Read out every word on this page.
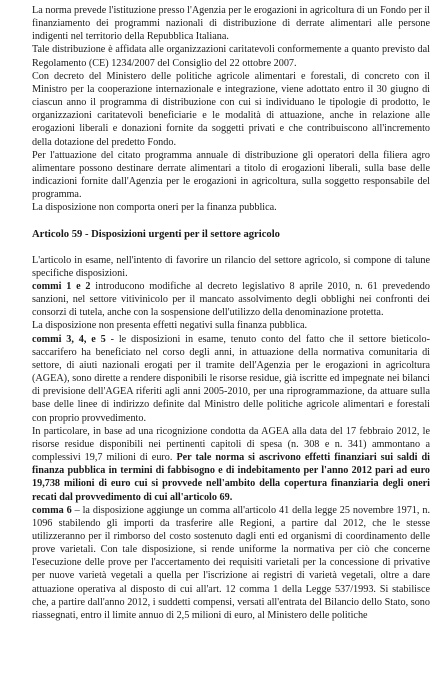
La norma prevede l'istituzione presso l'Agenzia per le erogazioni in agricoltura di un Fondo per il finanziamento dei programmi nazionali di distribuzione di derrate alimentari alle persone indigenti nel territorio della Repubblica Italiana.

Tale distribuzione è affidata alle organizzazioni caritatevoli conformemente a quanto previsto dal Regolamento (CE) 1234/2007 del Consiglio del 22 ottobre 2007.

Con decreto del Ministero delle politiche agricole alimentari e forestali, di concreto con il Ministro per la cooperazione internazionale e integrazione, viene adottato entro il 30 giugno di ciascun anno il programma di distribuzione con cui si individuano le tipologie di prodotto, le organizzazioni caritatevoli beneficiarie e le modalità di attuazione, anche in relazione alle erogazioni liberali e donazioni fornite da soggetti privati e che contribuiscono all'incremento della dotazione del predetto Fondo.

Per l'attuazione del citato programma annuale di distribuzione gli operatori della filiera agro alimentare possono destinare derrate alimentari a titolo di erogazioni liberali, sulla base delle indicazioni fornite dall'Agenzia per le erogazioni in agricoltura, sulla soggetto responsabile del programma.

La disposizione non comporta oneri per la finanza pubblica.

Articolo 59 - Disposizioni urgenti per il settore agricolo

L'articolo in esame, nell'intento di favorire un rilancio del settore agricolo, si compone di talune specifiche disposizioni.

commi 1 e 2 introducono modifiche al decreto legislativo 8 aprile 2010, n. 61 prevedendo sanzioni, nel settore vitivinicolo per il mancato assolvimento degli obblighi nei confronti dei consorzi di tutela, anche con la sospensione dell'utilizzo della denominazione protetta.

La disposizione non presenta effetti negativi sulla finanza pubblica.

commi 3, 4, e 5 - le disposizioni in esame, tenuto conto del fatto che il settore bieticolo-saccarifero ha beneficiato nel corso degli anni, in attuazione della normativa comunitaria di settore, di aiuti nazionali erogati per il tramite dell'Agenzia per le erogazioni in agricoltura (AGEA), sono dirette a rendere disponibili le risorse residue, già iscritte ed impegnate nei bilanci di previsione dell'AGEA riferiti agli anni 2005-2010, per una riprogrammazione, da attuare sulla base delle linee di indirizzo definite dal Ministro delle politiche agricole alimentari e forestali con proprio provvedimento.

In particolare, in base ad una ricognizione condotta da AGEA alla data del 17 febbraio 2012, le risorse residue disponibili nei pertinenti capitoli di spesa (n. 308 e n. 341) ammontano a complessivi 19,7 milioni di euro. Per tale norma si ascrivono effetti finanziari sui saldi di finanza pubblica in termini di fabbisogno e di indebitamento per l'anno 2012 pari ad euro 19,738 milioni di euro cui si provvede nell'ambito della copertura finanziaria degli oneri recati dal provvedimento di cui all'articolo 69.

comma 6 – la disposizione aggiunge un comma all'articolo 41 della legge 25 novembre 1971, n. 1096 stabilendo gli importi da trasferire alle Regioni, a partire dal 2012, che le stesse utilizzeranno per il rimborso del costo sostenuto dagli enti ed organismi di coordinamento delle prove varietali. Con tale disposizione, si rende uniforme la normativa per ciò che concerne l'esecuzione delle prove per l'accertamento dei requisiti varietali per la concessione di privative per nuove varietà vegetali a quella per l'iscrizione ai registri di varietà vegetali, oltre a dare attuazione operativa al disposto di cui all'art. 12 comma 1 della Legge 537/1993. Si stabilisce che, a partire dall'anno 2012, i suddetti compensi, versati all'entrata del Bilancio dello Stato, sono riassegnati, entro il limite annuo di 2,5 milioni di euro, al Ministero delle politiche
